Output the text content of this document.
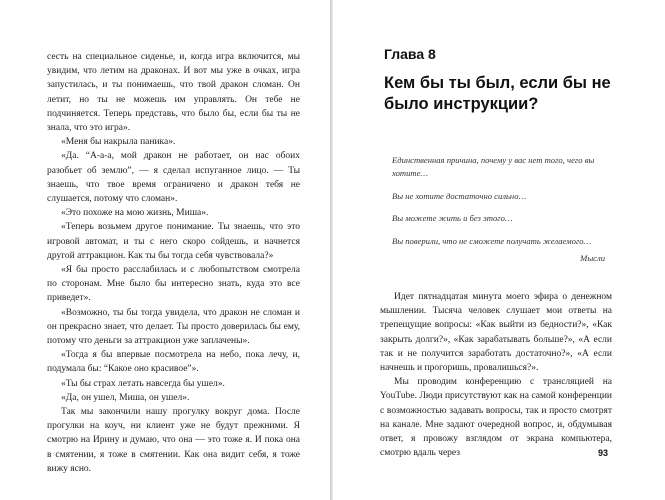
сесть на специальное сиденье, и, когда игра включится, мы увидим, что летим на драконах. И вот мы уже в очках, игра запустилась, и ты понимаешь, что твой дракон сломан. Он летит, но ты не можешь им управлять. Он тебе не подчиняется. Теперь представь, что было бы, если бы ты не знала, что это игра».

«Меня бы накрыла паника».

«Да. “А-а-а, мой дракон не работает, он нас обоих разобьет об землю”, — я сделал испуганное лицо. — Ты знаешь, что твое время ограничено и дракон тебя не слушается, потому что сломан».

«Это похоже на мою жизнь, Миша».

«Теперь возьмем другое понимание. Ты знаешь, что это игровой автомат, и ты с него скоро сойдешь, и начнется другой аттракцион. Как ты бы тогда себя чувствовала?»

«Я бы просто расслабилась и с любопытством смотрела по сторонам. Мне было бы интересно знать, куда это все приведет».

«Возможно, ты бы тогда увидела, что дракон не сломан и он прекрасно знает, что делает. Ты просто доверилась бы ему, потому что деньги за аттракцион уже заплачены».

«Тогда я бы впервые посмотрела на небо, пока лечу, и, подумала бы: “Какое оно красивое”».

«Ты бы страх летать навсегда бы ушел».

«Да, он ушел, Миша, он ушел».

Так мы закончили нашу прогулку вокруг дома. После прогулки на коуч, ни клиент уже не будут прежними. Я смотрю на Ирину и думаю, что она — это тоже я. И пока она в смятении, я тоже в смятении. Как она видит себя, я тоже вижу ясно.

Глава 8
Кем бы ты был, если бы не было инструкции?

Единственная причина, почему у вас нет того, чего вы хотите…

Вы не хотите достаточно сильно…

Вы можете жить и без этого…

Вы поверили, что не сможете получать желаемого…

Мысли

Идет пятнадцатая минута моего эфира о денежном мышлении. Тысяча человек слушает мои ответы на трепещущие вопросы: «Как выйти из бедности?», «Как закрыть долги?», «Как зарабатывать больше?», «А если так и не получится заработать достаточно?», «А если начнешь и прогоришь, провалишься?».

Мы проводим конференцию с трансляцией на YouTube. Люди присутствуют как на самой конференции с возможностью задавать вопросы, так и просто смотрят на канале. Мне задают очередной вопрос, и, обдумывая ответ, я провожу взглядом от экрана компьютера, смотрю вдаль через	93
